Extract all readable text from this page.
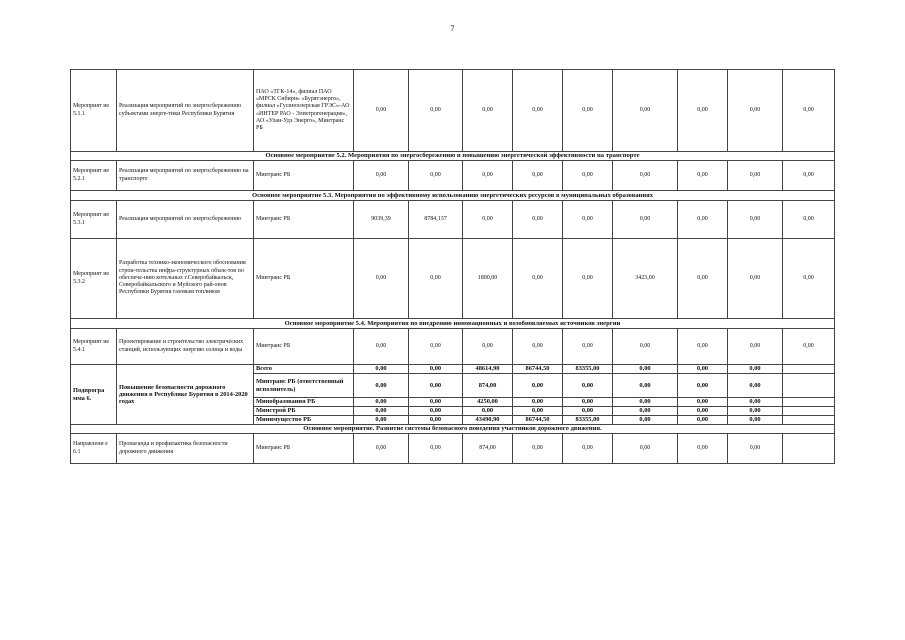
7
Мероприят ие 5.1.1	Реализация мероприятий по энергосбережению субъектами энерге-тики Республики Бурятия	ПАО «ТГК-14», филиал ПАО «МРСК Сибири» «Бурятэнерго», филиал «Гусиноозерская ГРЭС»-АО «ИНТЕР РАО - Электрогенерация», АО «Улан-Удэ Энерго», Минтранс РБ	0,00	0,00	0,00	0,00	0,00	0,00	0,00	0,00	0,00
Основное мероприятие 5.2. Мероприятия по энергосбережению и повышению энергетической эффективности на транспорте											
Мероприят ие 5.2.1	Реализация мероприятий по энергосбережению на транспорте	Минтранс РБ	0,00	0,00	0,00	0,00	0,00	0,00	0,00	0,00	0,00
Основное мероприятие 5.3. Мероприятия по эффективному использованию энергетических ресурсов в муниципальных образованиях											
Мероприят ие 5.3.1	Реализация мероприятий по энергосбережению	Минтранс РБ	9039,39	8784,137	0,00	0,00	0,00	0,00	0,00	0,00	0,00
Мероприят ие 5.3.2	Разработка технико-экономического обоснования строи-тельства инфра-структурных объек-тов по обеспече-нию котельных г.Северобайкальск, Северобайкальского и Муйского рай-онов Республики Бурятия газовым топливом	Минтранс РБ	0,00	0,00	1800,00	0,00	0,00	3423,00	0,00	0,00	0,00
Основное мероприятие 5.4. Мероприятия по внедрению инновационных и возобновляемых источников энергии											
Мероприят ие 5.4.1	Проектирование и строительство электрических станций, использующих энергию солнца и воды	Минтранс РБ	0,00	0,00	0,00	0,00	0,00	0,00	0,00	0,00	0,00
Подпрогра мма 6.	Повышение безопасности дорожного движения в Республике Бурятия в 2014-2020 годах	Всего	0,00	0,00	48614,90	86744,50	83355,00	0,00	0,00	0,00	
		Минтранс РБ (ответственный исполнитель)	0,00	0,00	874,00	0,00	0,00	0,00	0,00	0,00	
		Минобразования РБ	0,00	0,00	4250,00	0,00	0,00	0,00	0,00	0,00	
		Минстрой РБ	0,00	0,00	0,00	0,00	0,00	0,00	0,00	0,00	
		Минимущество РБ	0,00	0,00	43490,90	86744,50	83355,00	0,00	0,00	0,00	
Основное мероприятие. Развитие системы безопасного поведения участников дорожного движения.											
Направлени е 6.1	Пропаганда и профилактика безопасности дорожного движения	Минтранс РБ	0,00	0,00	874,00	0,00	0,00	0,00	0,00	0,00	
